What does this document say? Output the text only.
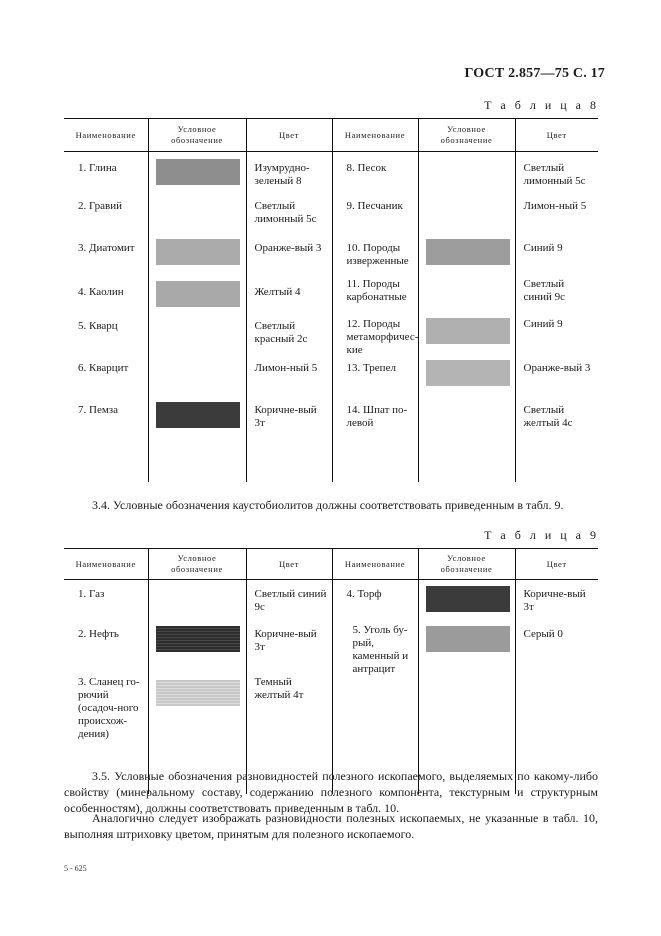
ГОСТ 2.857—75 С. 17
Т а б л и ц а 8
Наименование	Условное обозначение	Цвет	Наименование	Условное обозначение	Цвет

1. Глина		Изумрудно-зеленый 8	8. Песок		Светлый лимонный 5с

2. Гравий		Светлый лимонный 5с	9. Песчаник		Лимон-ный 5

3. Диатомит		Оранже-вый 3	10. Породы изверженные		Синий 9

4. Каолин		Желтый 4	11. Породы карбонатные		Светлый синий 9с

5. Кварц		Светлый красный 2с	12. Породы метаморфичес-кие		Синий 9

6. Кварцит		Лимон-ный 5	13. Трепел		Оранже-вый 3

7. Пемза		Коричне-вый 3т	14. Шпат по-левой		Светлый желтый 4с
3.4. Условные обозначения каустобиолитов должны соответствовать приведенным в табл. 9.
Т а б л и ц а 9
Наименование	Условное обозначение	Цвет	Наименование	Условное обозначение	Цвет

1. Газ		Светлый синий 9с	4. Торф		Коричне-вый 3т

2. Нефть		Коричне-вый 3т	5. Уголь бу-рый, каменный и антрацит		Серый 0

3. Сланец го-рючий (осадоч-ного происхож-дения)		Темный желтый 4т			

3.5. Условные обозначения разновидностей полезного ископаемого, выделяемых по какому-либо свойству (минеральному составу, содержанию полезного компонента, текстурным и структурным особенностям), должны соответствовать приведенным в табл. 10.
Аналогично следует изображать разновидности полезных ископаемых, не указанные в табл. 10, выполняя штриховку цветом, принятым для полезного ископаемого.
5 - 625
